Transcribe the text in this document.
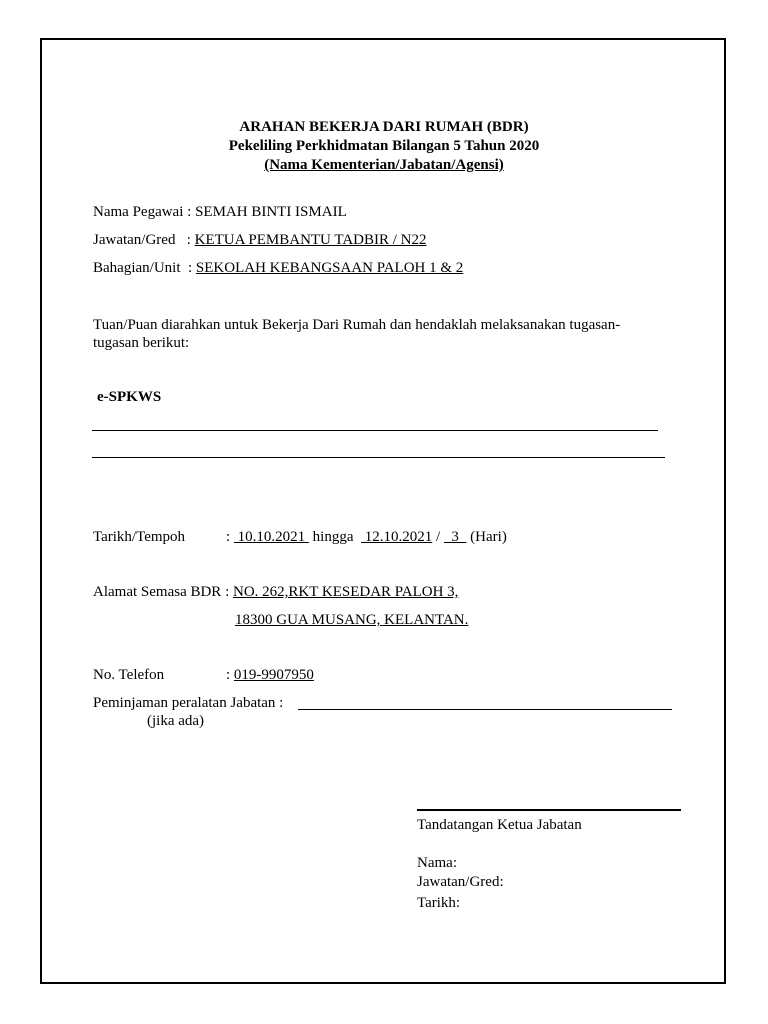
ARAHAN BEKERJA DARI RUMAH (BDR)
Pekeliling Perkhidmatan Bilangan 5 Tahun 2020
(Nama Kementerian/Jabatan/Agensi)
Nama Pegawai : SEMAH BINTI ISMAIL
Jawatan/Gred   : KETUA PEMBANTU TADBIR / N22
Bahagian/Unit  : SEKOLAH KEBANGSAAN PALOH 1 & 2
Tuan/Puan diarahkan untuk Bekerja Dari Rumah dan hendaklah melaksanakan tugasan-
tugasan berikut:
e-SPKWS
Tarikh/Tempoh	:  10.10.2021  hingga   12.10.2021 /   3   (Hari)
Alamat Semasa BDR : NO. 262,RKT KESEDAR PALOH 3,
18300 GUA MUSANG, KELANTAN.
No. Telefon	: 019-9907950
Peminjaman peralatan Jabatan :
(jika ada)
Tandatangan Ketua Jabatan
Nama:
Jawatan/Gred:
Tarikh:
